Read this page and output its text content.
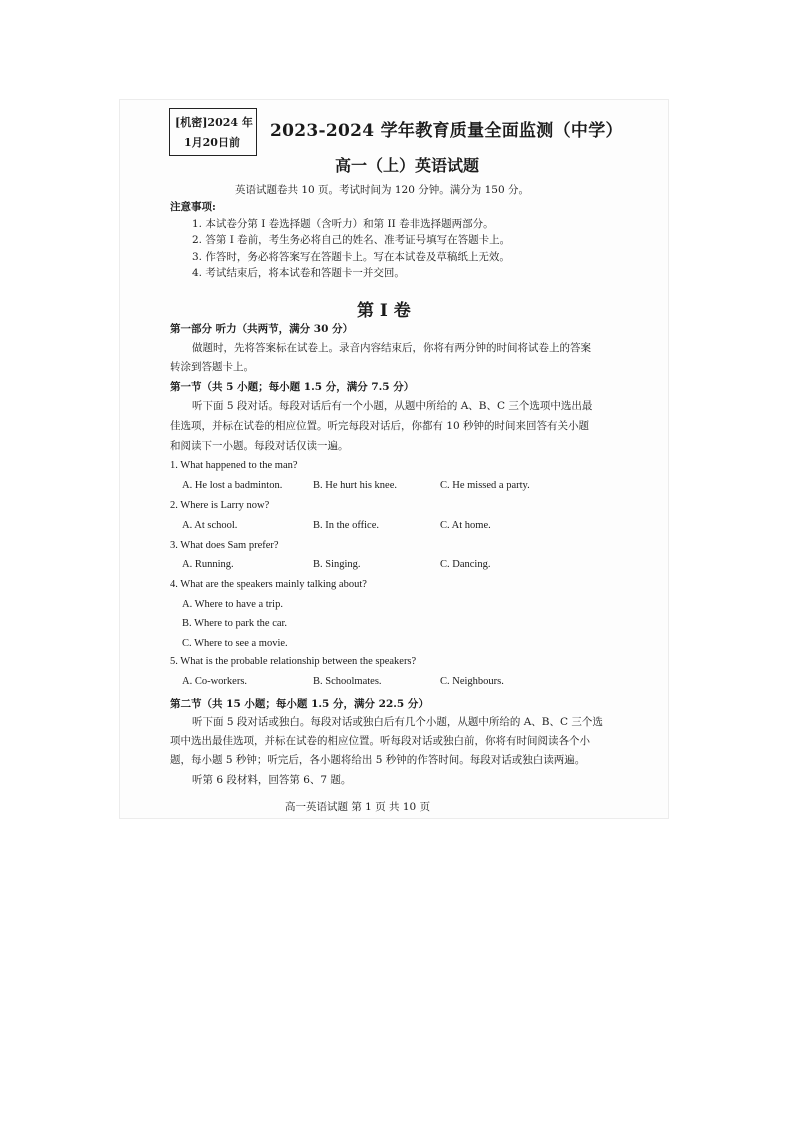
[机密]2024 年
1月20日前
2023-2024 学年教育质量全面监测（中学）
高一（上）英语试题
英语试题卷共 10 页。考试时间为 120 分钟。满分为 150 分。
注意事项:
1. 本试卷分第 I 卷选择题（含听力）和第 II 卷非选择题两部分。
2. 答第 I 卷前，考生务必将自己的姓名、准考证号填写在答题卡上。
3. 作答时，务必将答案写在答题卡上。写在本试卷及草稿纸上无效。
4. 考试结束后，将本试卷和答题卡一并交回。
第 I 卷
第一部分 听力（共两节，满分 30 分）
做题时，先将答案标在试卷上。录音内容结束后，你将有两分钟的时间将试卷上的答案
转涂到答题卡上。
第一节（共 5 小题；每小题 1.5 分，满分 7.5 分）
听下面 5 段对话。每段对话后有一个小题，从题中所给的 A、B、C 三个选项中选出最
佳选项，并标在试卷的相应位置。听完每段对话后，你都有 10 秒钟的时间来回答有关小题
和阅读下一小题。每段对话仅读一遍。
1. What happened to the man?
A. He lost a badminton.	B. He hurt his knee.	C. He missed a party.
2. Where is Larry now?
A. At school.	B. In the office.	C. At home.
3. What does Sam prefer?
A. Running.	B. Singing.	C. Dancing.
4. What are the speakers mainly talking about?
A. Where to have a trip.
B. Where to park the car.
C. Where to see a movie.
5. What is the probable relationship between the speakers?
A. Co-workers.	B. Schoolmates.	C. Neighbours.
第二节（共 15 小题；每小题 1.5 分，满分 22.5 分）
听下面 5 段对话或独白。每段对话或独白后有几个小题，从题中所给的 A、B、C 三个选
项中选出最佳选项，并标在试卷的相应位置。听每段对话或独白前，你将有时间阅读各个小
题，每小题 5 秒钟；听完后，各小题将给出 5 秒钟的作答时间。每段对话或独白读两遍。
听第 6 段材料，回答第 6、7 题。
高一英语试题 第 1 页 共 10 页
